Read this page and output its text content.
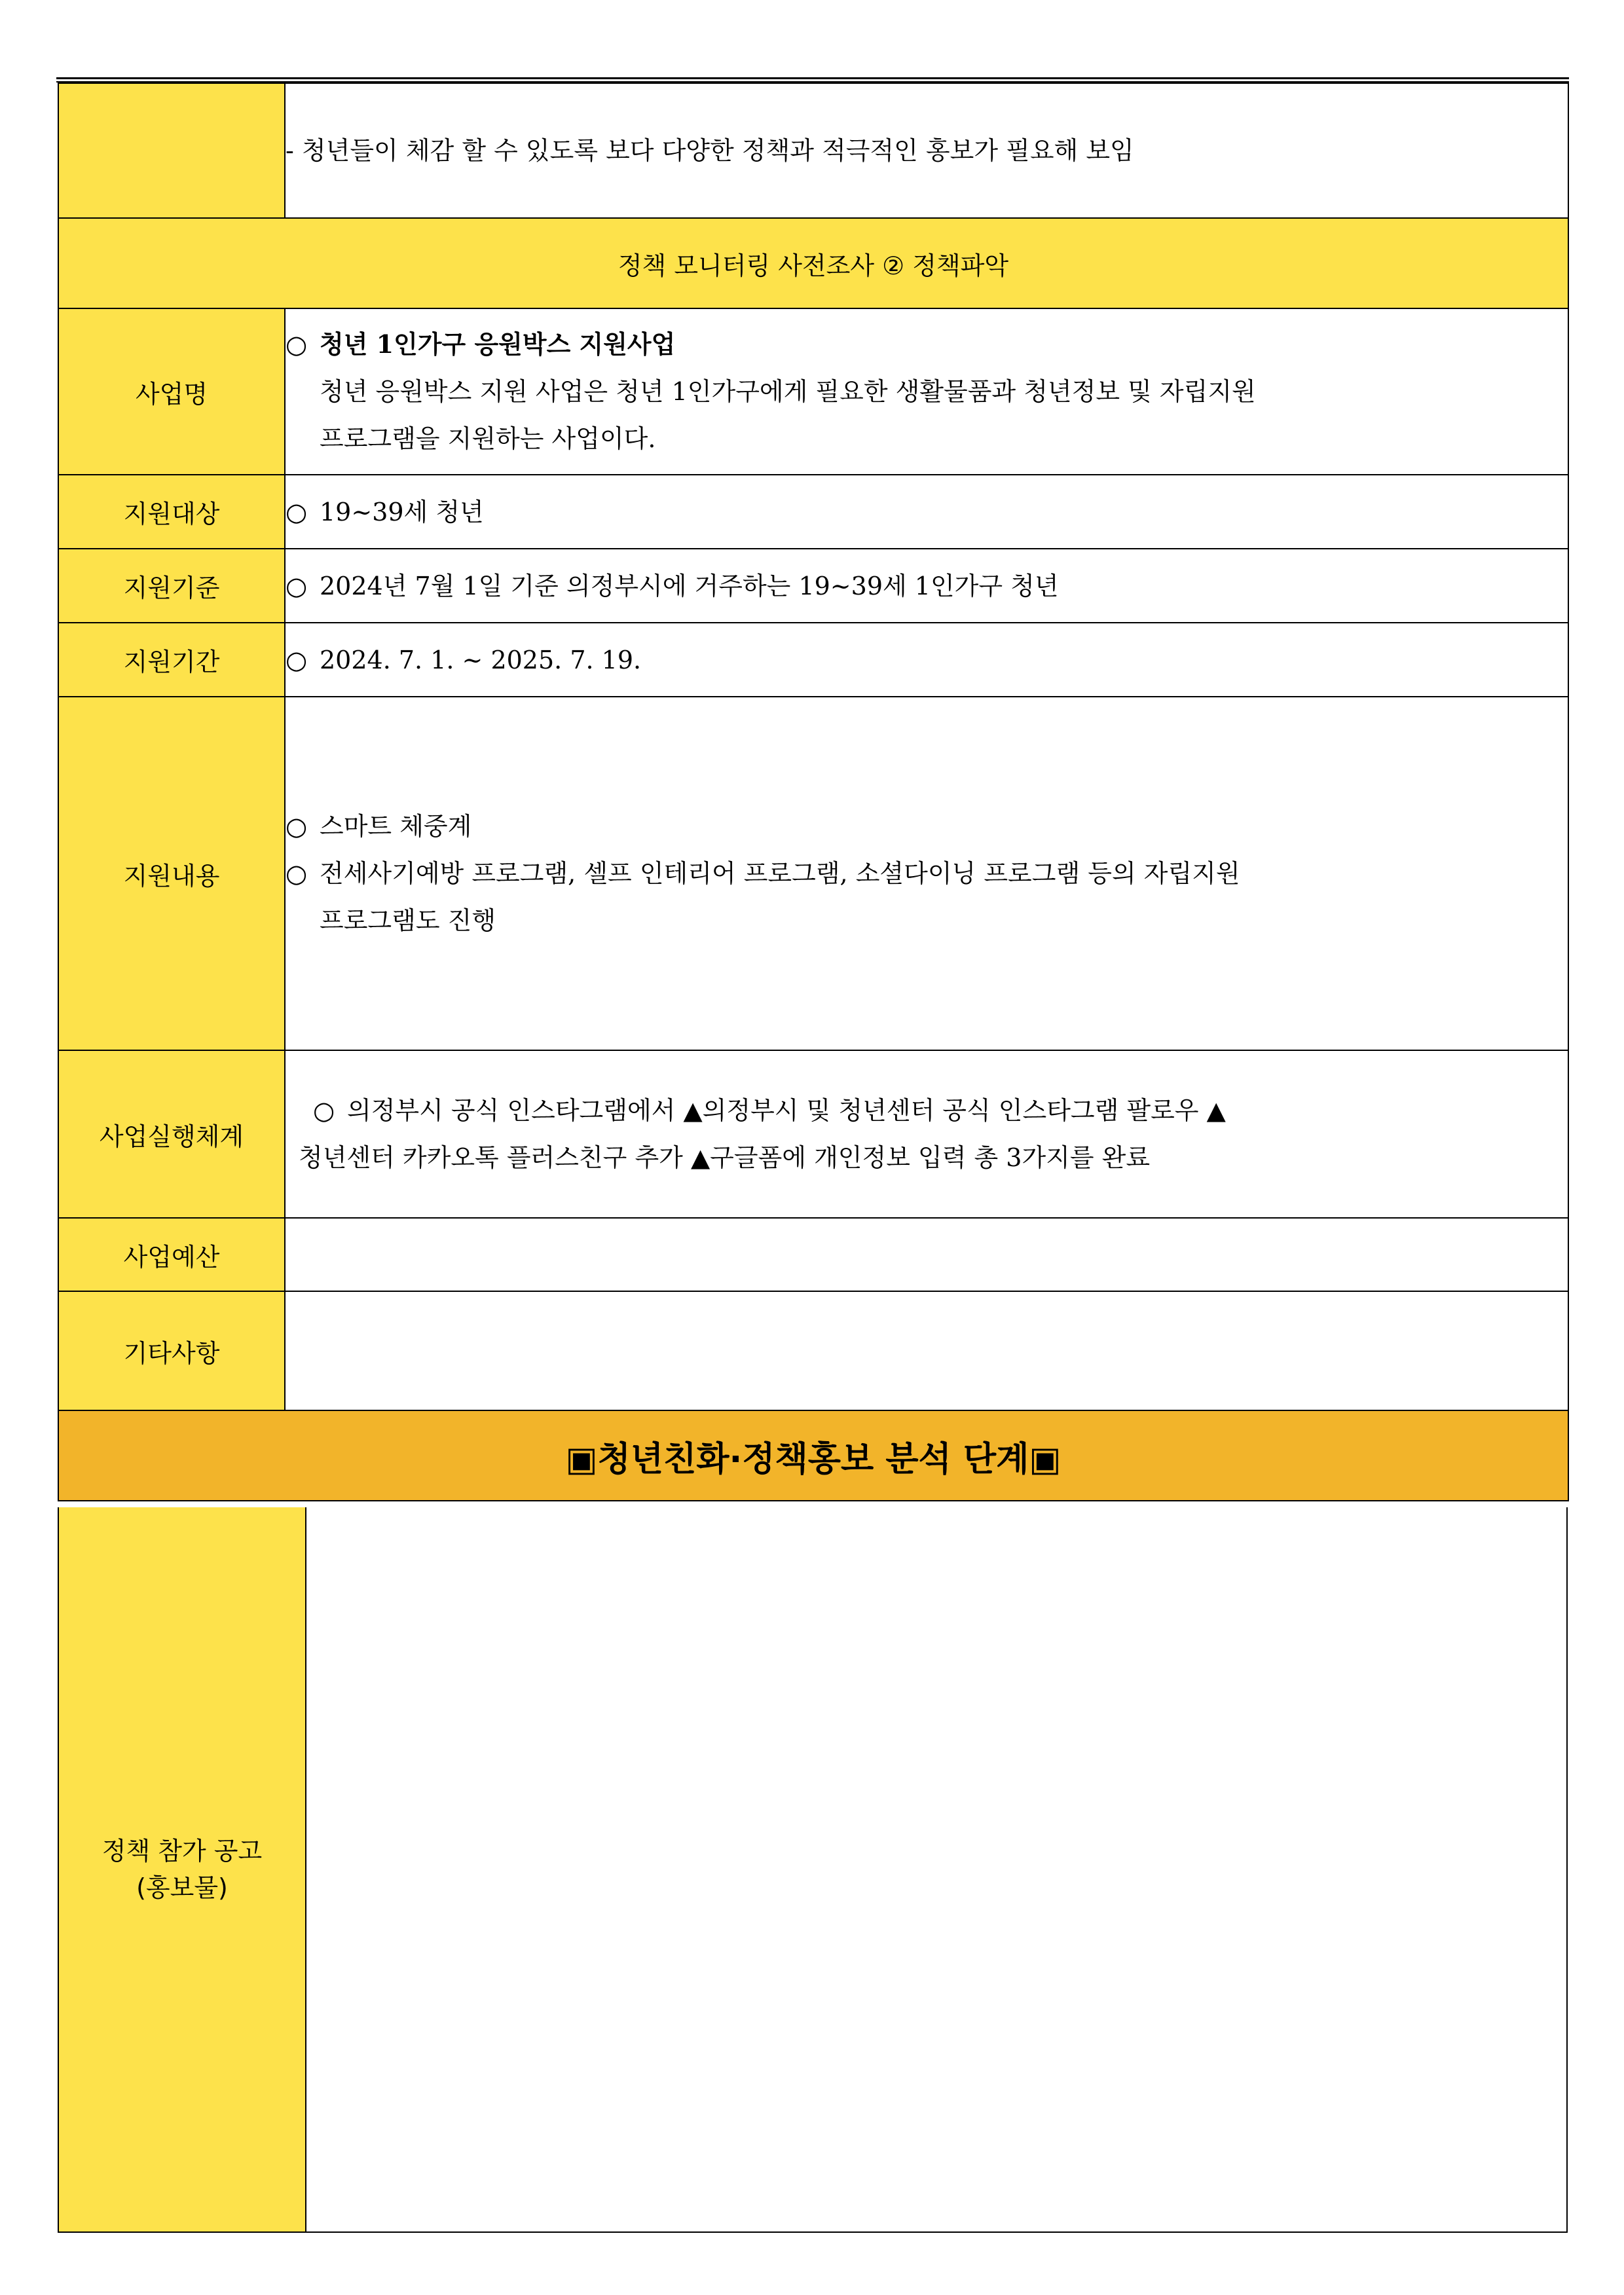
	- 청년들이 체감 할 수 있도록 보다 다양한 정책과 적극적인 홍보가 필요해 보임
정책 모니터링 사전조사 ② 정책파악	
사업명	○ 청년 1인가구 응원박스 지원사업
청년 응원박스 지원 사업은 청년 1인가구에게 필요한 생활물품과 청년정보 및 자립지원
프로그램을 지원하는 사업이다.

지원대상	○ 19~39세 청년

지원기준	○ 2024년 7월 1일 기준 의정부시에 거주하는 19~39세 1인가구 청년

지원기간	○ 2024. 7. 1. ~ 2025. 7. 19.

지원내용	○ 스마트 체중계
○ 전세사기예방 프로그램, 셀프 인테리어 프로그램, 소셜다이닝 프로그램 등의 자립지원
프로그램도 진행

사업실행체계	○ 의정부시 공식 인스타그램에서 ▲의정부시 및 청년센터 공식 인스타그램 팔로우 ▲
청년센터 카카오톡 플러스친구 추가 ▲구글폼에 개인정보 입력 총 3가지를 완료

사업예산	
기타사항	
▣청년친화·정책홍보 분석 단계▣	
정책 참가 공고
(홍보물)
